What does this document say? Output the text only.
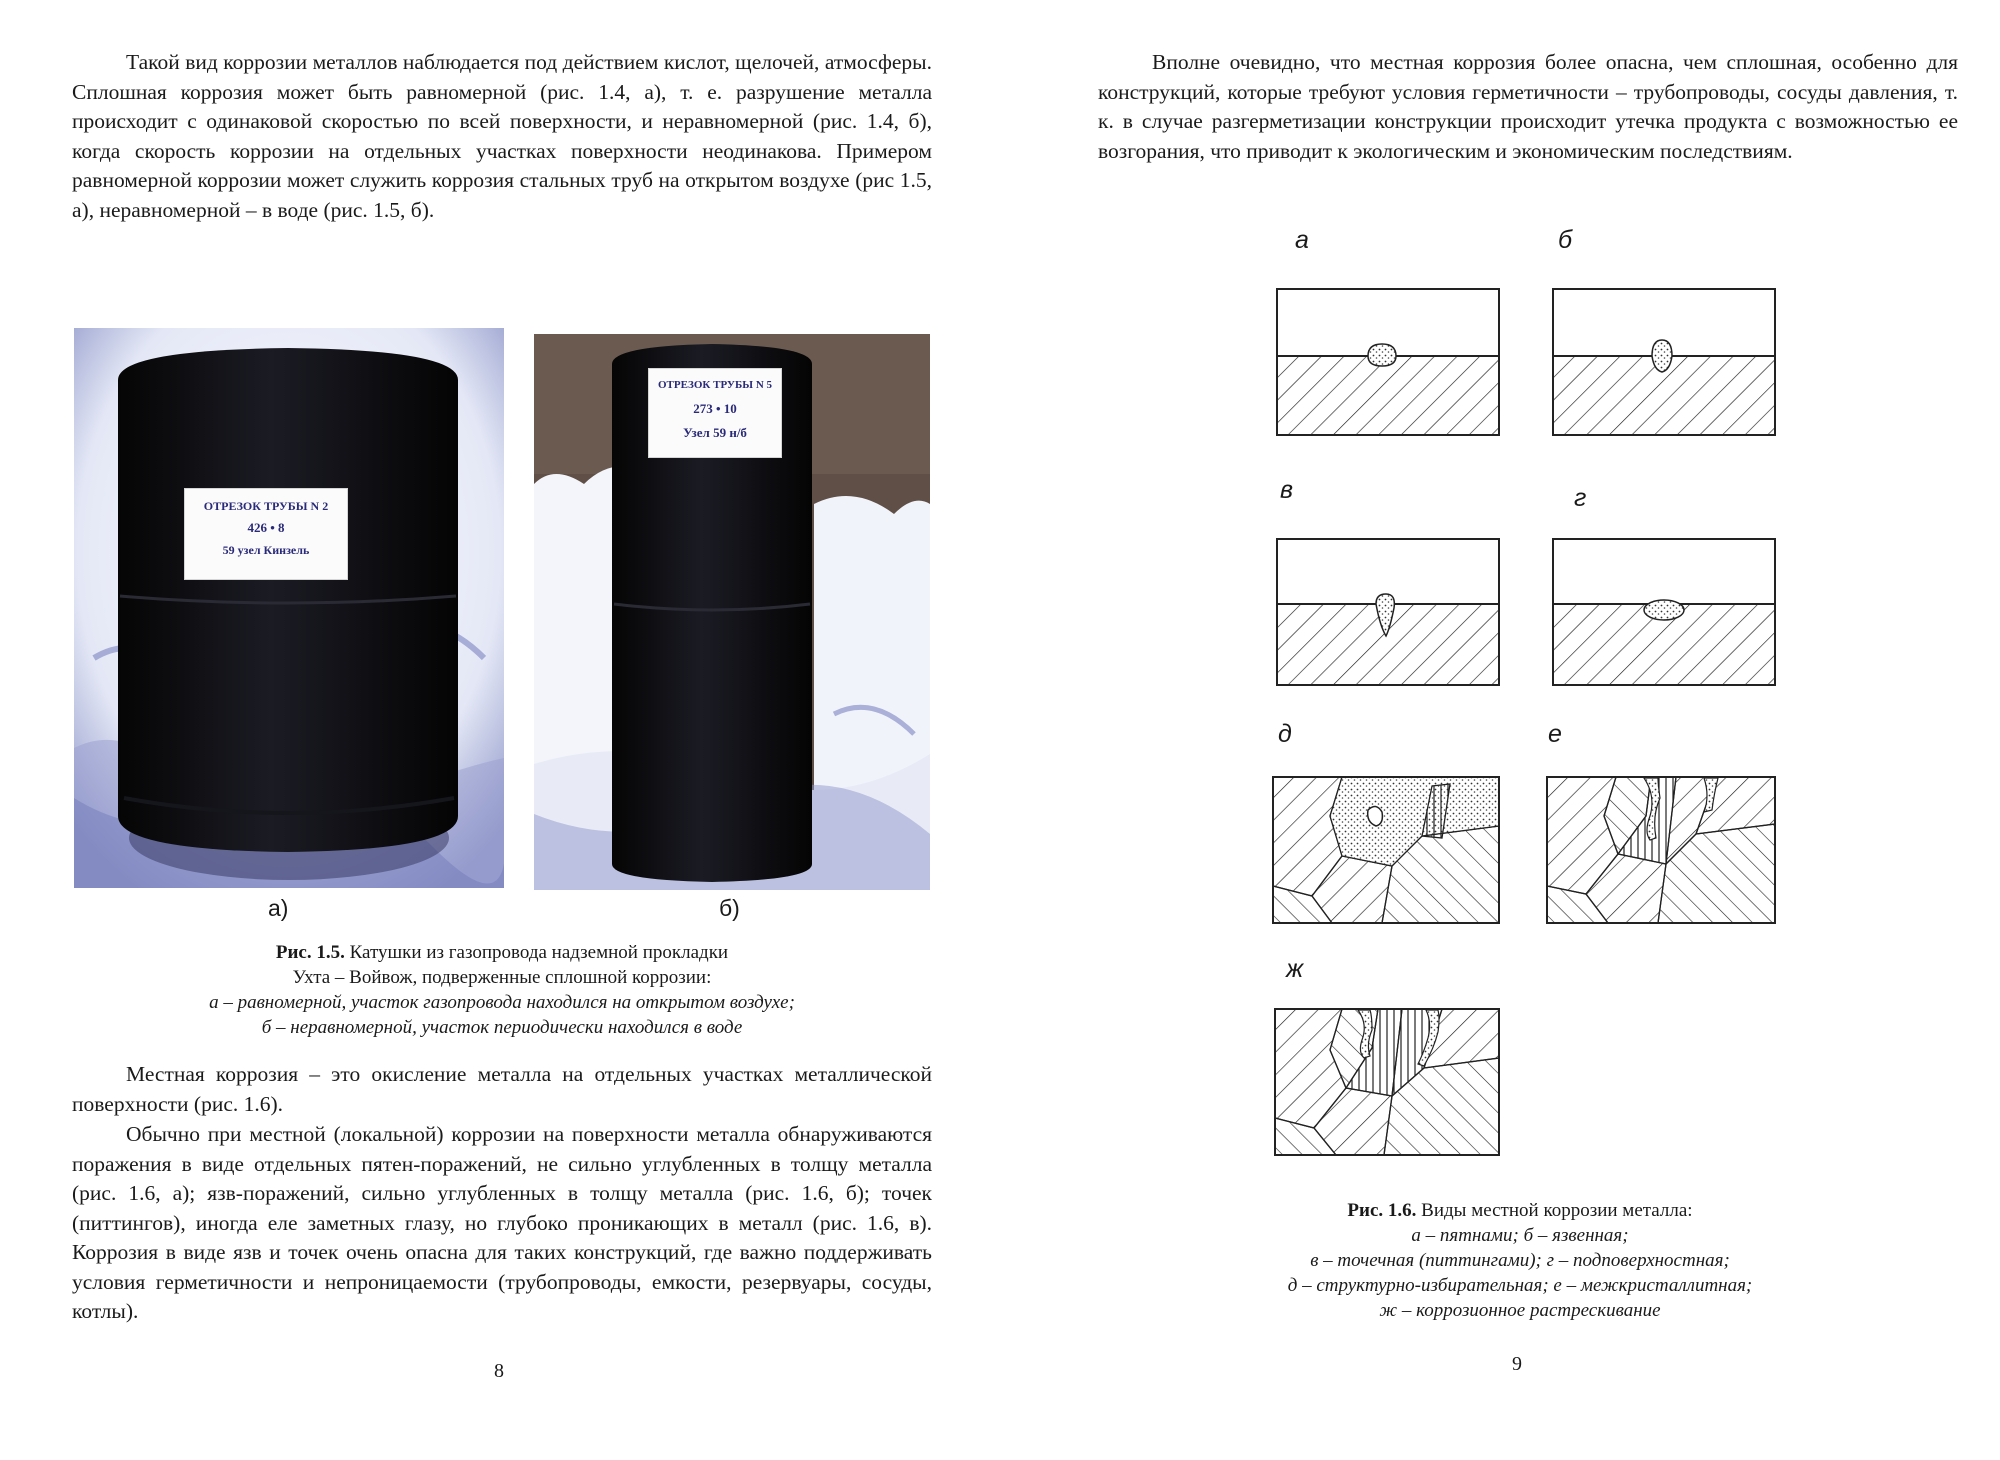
Такой вид коррозии металлов наблюдается под действием кислот, щелочей, атмосферы. Сплошная коррозия может быть равномерной (рис. 1.4, а), т. е. разрушение металла происходит с одинаковой скоростью по всей поверхности, и неравномерной (рис. 1.4, б), когда скорость коррозии на отдельных участках поверхности неодинакова. Примером равномерной коррозии может служить коррозия стальных труб на открытом воздухе (рис 1.5, а), неравномерной – в воде (рис. 1.5, б).

ОТРЕЗОК ТРУБЫ N 2
426 • 8
59 узел Кинзель
ОТРЕЗОК ТРУБЫ N 5
273 • 10
Узел 59 н/б
а)	б)
Рис. 1.5. Катушки из газопровода надземной прокладки
Ухта – Войвож, подверженные сплошной коррозии:
а – равномерной, участок газопровода находился на открытом воздухе;
б – неравномерной, участок периодически находился в воде

Местная коррозия – это окисление металла на отдельных участках металлической поверхности (рис. 1.6).

Обычно при местной (локальной) коррозии на поверхности металла обнаруживаются поражения в виде отдельных пятен-поражений, не сильно углубленных в толщу металла (рис. 1.6, а); язв-поражений, сильно углубленных в толщу металла (рис. 1.6, б); точек (питтингов), иногда еле заметных глазу, но глубоко проникающих в металл (рис. 1.6, в). Коррозия в виде язв и точек очень опасна для таких конструкций, где важно поддерживать условия герметичности и непроницаемости (трубопроводы, емкости, резервуары, сосуды, котлы).

8

Вполне очевидно, что местная коррозия более опасна, чем сплошная, особенно для конструкций, которые требуют условия герметичности – трубопроводы, сосуды давления, т. к. в случае разгерметизации конструкции происходит утечка продукта с возможностью ее возгорания, что приводит к экологическим и экономическим последствиям.

а	б
в	г
д	е
ж
Рис. 1.6. Виды местной коррозии металла:
а – пятнами; б – язвенная;
в – точечная (питтингами); г – подповерхностная;
д – структурно-избирательная; е – межкристаллитная;
ж – коррозионное растрескивание
9
